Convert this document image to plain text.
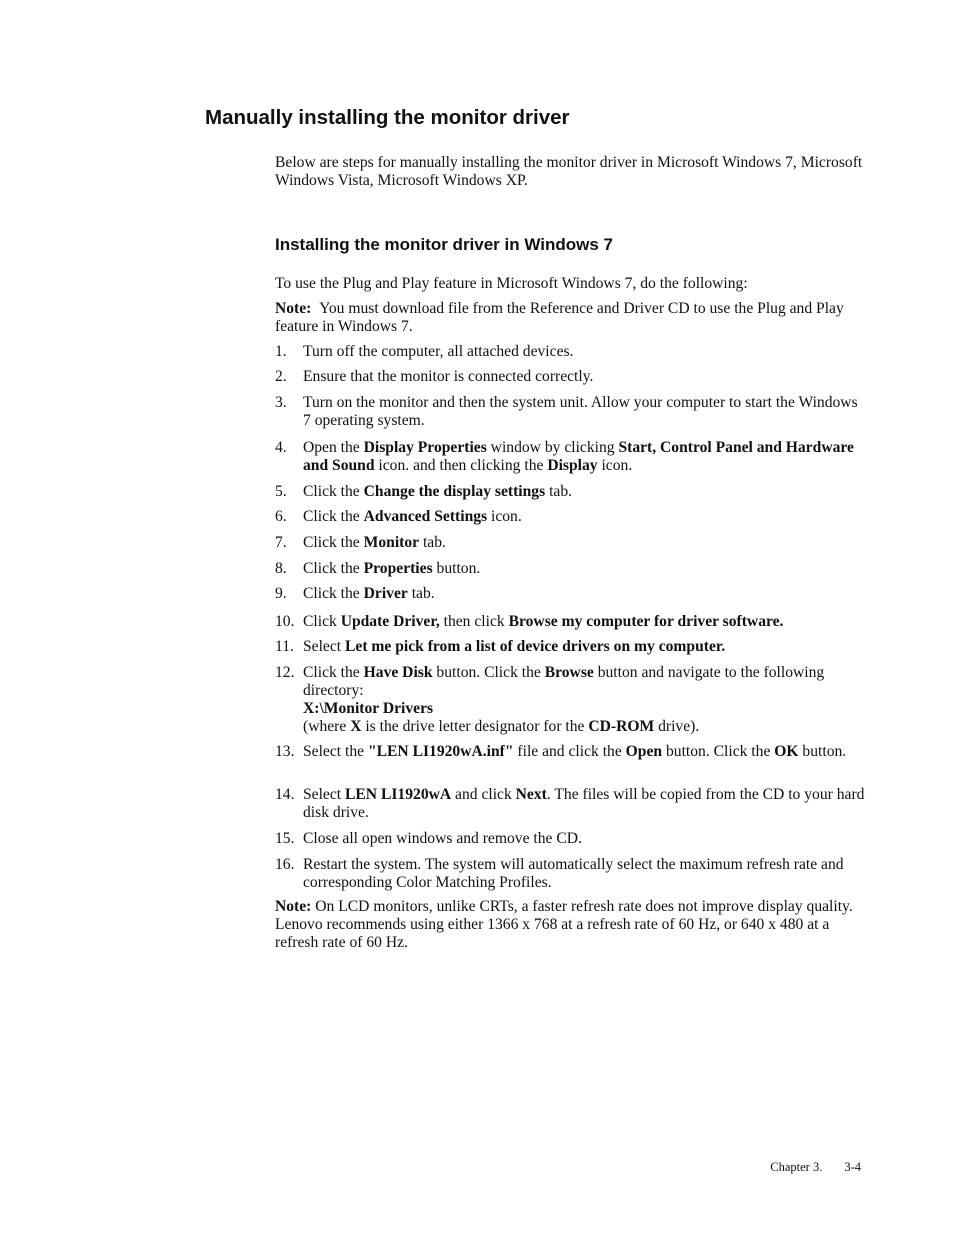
Manually installing the monitor driver

Below are steps for manually installing the monitor driver in Microsoft Windows 7, Microsoft Windows Vista, Microsoft Windows XP.

Installing the monitor driver in Windows 7

To use the Plug and Play feature in Microsoft Windows 7, do the following:

Note: You must download file from the Reference and Driver CD to use the Plug and Play feature in Windows 7.

1.	Turn off the computer, all attached devices.
2.	Ensure that the monitor is connected correctly.
3.	Turn on the monitor and then the system unit. Allow your computer to start the Windows 7 operating system.
4.	Open the Display Properties window by clicking Start, Control Panel and Hardware and Sound icon. and then clicking the Display icon.
5.	Click the Change the display settings tab.
6.	Click the Advanced Settings icon.
7.	Click the Monitor tab.
8.	Click the Properties button.
9.	Click the Driver tab.
10. Click Update Driver, then click Browse my computer for driver software.
11. Select Let me pick from a list of device drivers on my computer.
12. Click the Have Disk button. Click the Browse button and navigate to the following directory:
X:\Monitor Drivers
(where X is the drive letter designator for the CD-ROM drive).
13. Select the "LEN LI1920wA.inf" file and click the Open button. Click the OK button.
14. Select LEN LI1920wA and click Next. The files will be copied from the CD to your hard disk drive.
15. Close all open windows and remove the CD.
16. Restart the system. The system will automatically select the maximum refresh rate and corresponding Color Matching Profiles.

Note: On LCD monitors, unlike CRTs, a faster refresh rate does not improve display quality. Lenovo recommends using either 1366 x 768 at a refresh rate of 60 Hz, or 640 x 480 at a refresh rate of 60 Hz.

Chapter 3. 3-4
